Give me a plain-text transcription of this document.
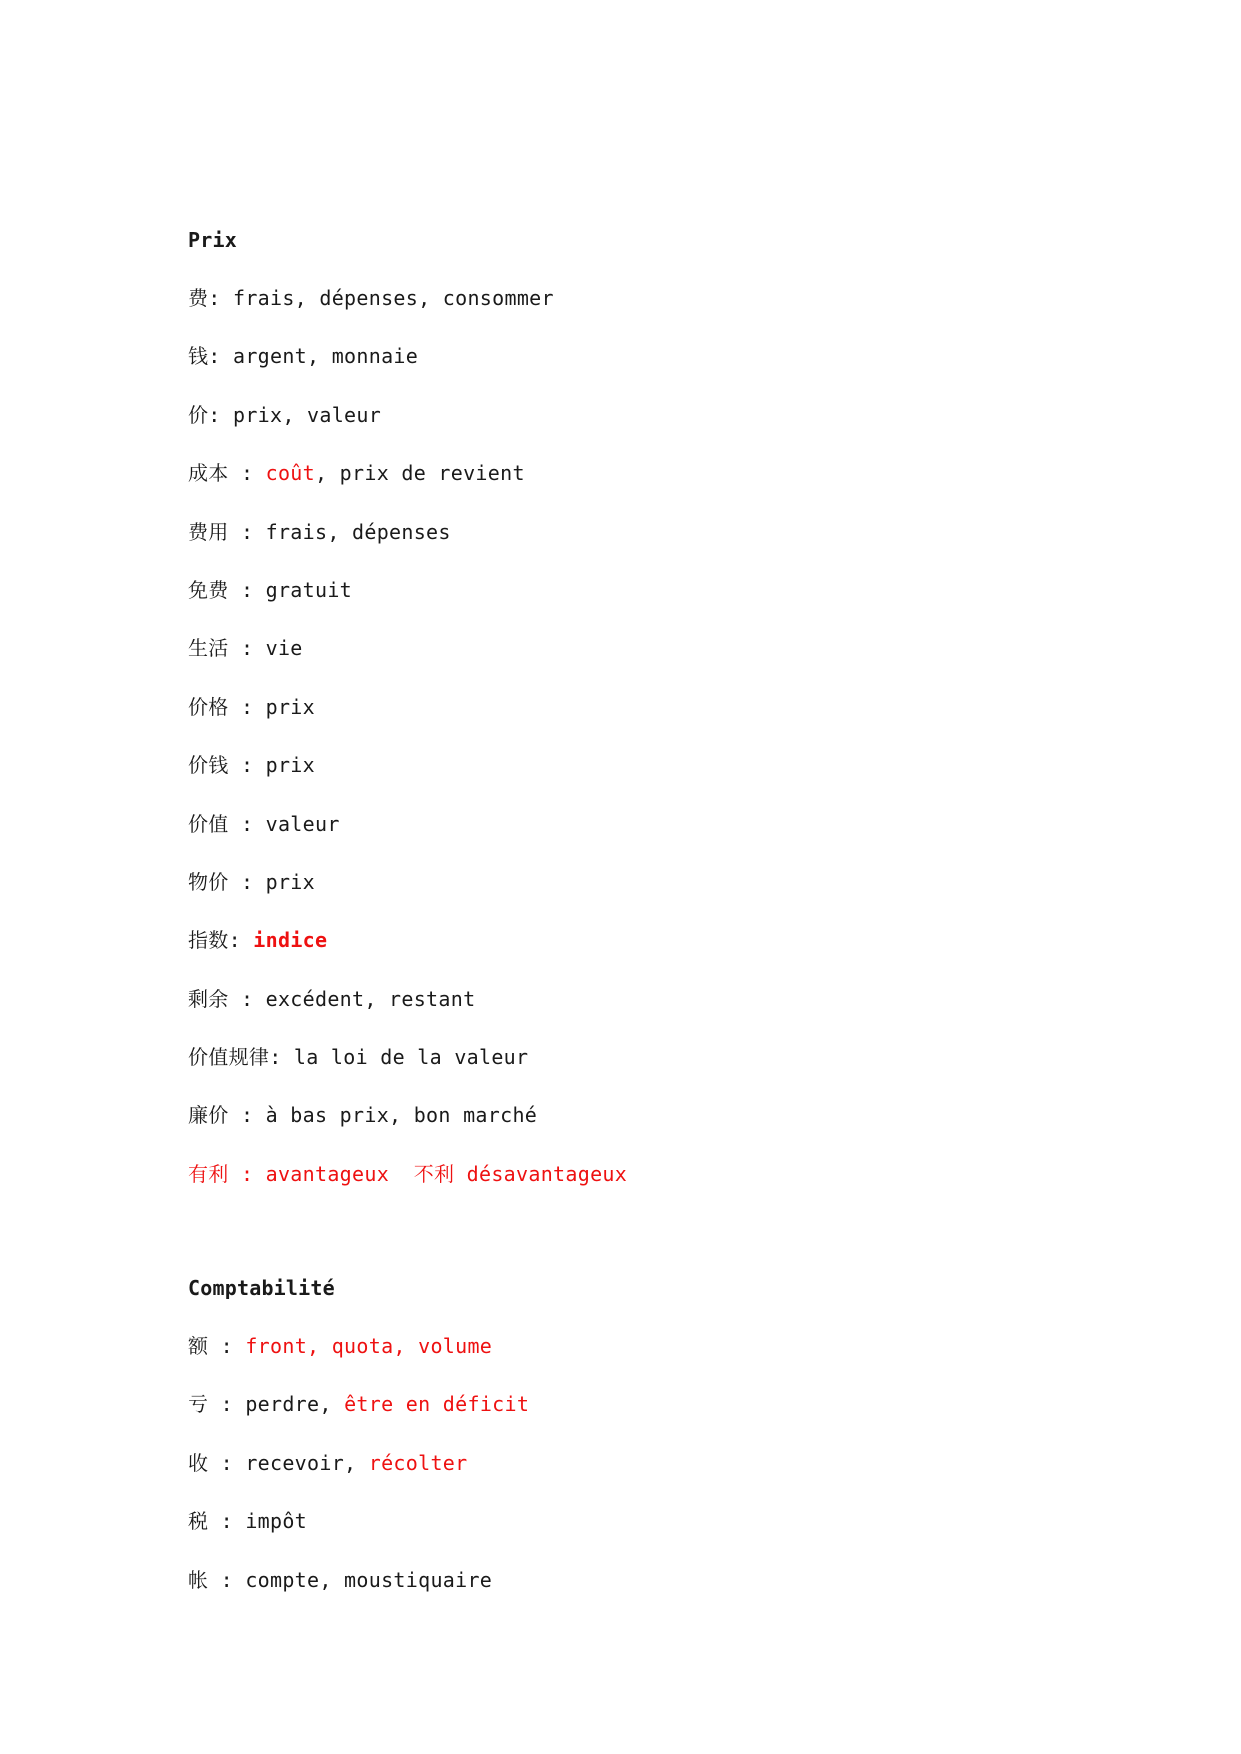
Prix
费: frais, dépenses, consommer
钱: argent, monnaie
价: prix, valeur
成本 : coût, prix de revient
费用 : frais, dépenses
免费 : gratuit
生活 : vie
价格 : prix
价钱 : prix
价值 : valeur
物价 : prix
指数: indice
剩余 : excédent, restant
价值规律: la loi de la valeur
廉价 : à bas prix, bon marché
有利 : avantageux  不利 désavantageux
Comptabilité
额 : front, quota, volume
亏 : perdre, être en déficit
收 : recevoir, récolter
税 : impôt
帐 : compte, moustiquaire
